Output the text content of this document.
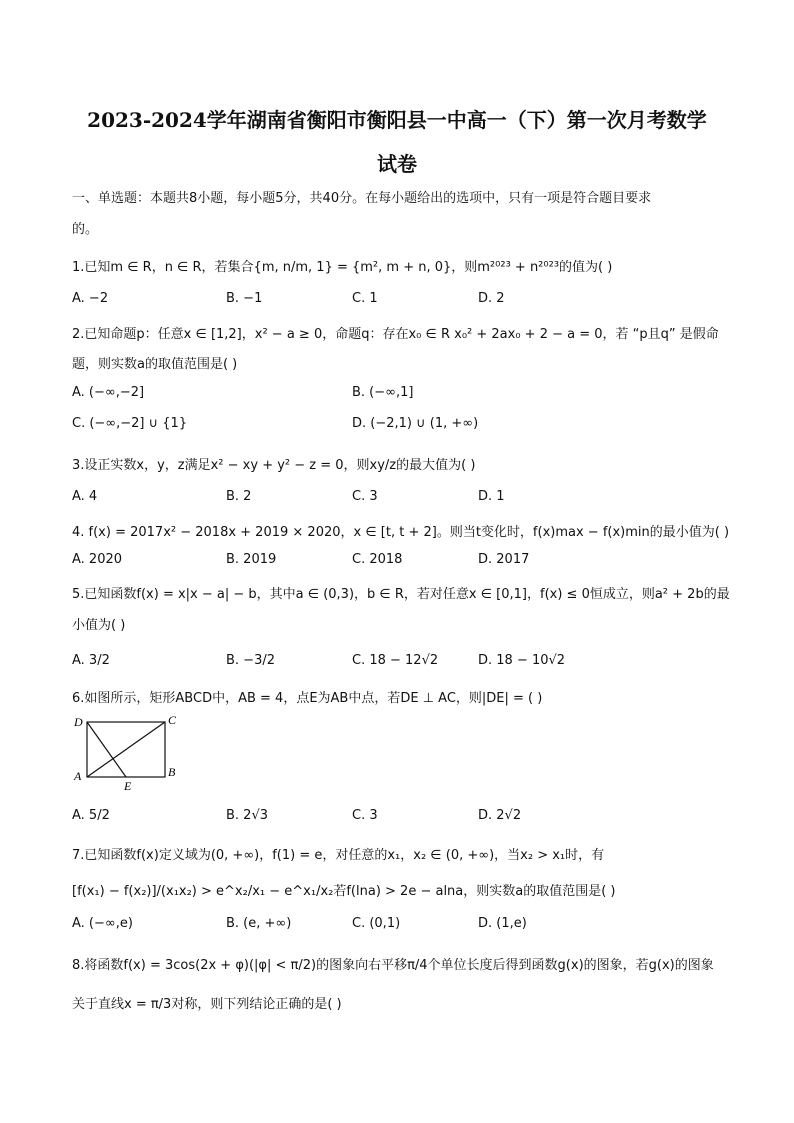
2023-2024学年湖南省衡阳市衡阳县一中高一（下）第一次月考数学
试卷
一、单选题：本题共8小题，每小题5分，共40分。在每小题给出的选项中，只有一项是符合题目要求
的。
1.已知m ∈ R，n ∈ R，若集合{m, n/m, 1} = {m², m + n, 0}，则m²⁰²³ + n²⁰²³的值为( )
A. −2	B. −1	C. 1	D. 2
2.已知命题p：任意x ∈ [1,2]，x² − a ≥ 0，命题q：存在x₀ ∈ R x₀² + 2ax₀ + 2 − a = 0，若 “p且q” 是假命
题，则实数a的取值范围是( )
A. (−∞,−2]	B. (−∞,1]
C. (−∞,−2] ∪ {1}	D. (−2,1) ∪ (1, +∞)
3.设正实数x，y，z满足x² − xy + y² − z = 0，则xy/z的最大值为( )
A. 4	B. 2	C. 3	D. 1
4. f(x) = 2017x² − 2018x + 2019 × 2020，x ∈ [t, t + 2]。则当t变化时，f(x)max − f(x)min的最小值为( )
A. 2020	B. 2019	C. 2018	D. 2017
5.已知函数f(x) = x|x − a| − b，其中a ∈ (0,3)，b ∈ R，若对任意x ∈ [0,1]，f(x) ≤ 0恒成立，则a² + 2b的最
小值为( )
A. 3/2	B. −3/2	C. 18 − 12√2	D. 18 − 10√2
6.如图所示，矩形ABCD中，AB = 4，点E为AB中点，若DE ⊥ AC，则|DE| = ( )
D	C
A	B
E
A. 5/2	B. 2√3	C. 3	D. 2√2
7.已知函数f(x)定义域为(0, +∞)，f(1) = e，对任意的x₁，x₂ ∈ (0, +∞)，当x₂ > x₁时，有
[f(x₁) − f(x₂)]/(x₁x₂) > e^x₂/x₁ − e^x₁/x₂若f(lna) > 2e − alna，则实数a的取值范围是( )
A. (−∞,e)	B. (e, +∞)	C. (0,1)	D. (1,e)
8.将函数f(x) = 3cos(2x + φ)(|φ| < π/2)的图象向右平移π/4个单位长度后得到函数g(x)的图象，若g(x)的图象
关于直线x = π/3对称，则下列结论正确的是( )
